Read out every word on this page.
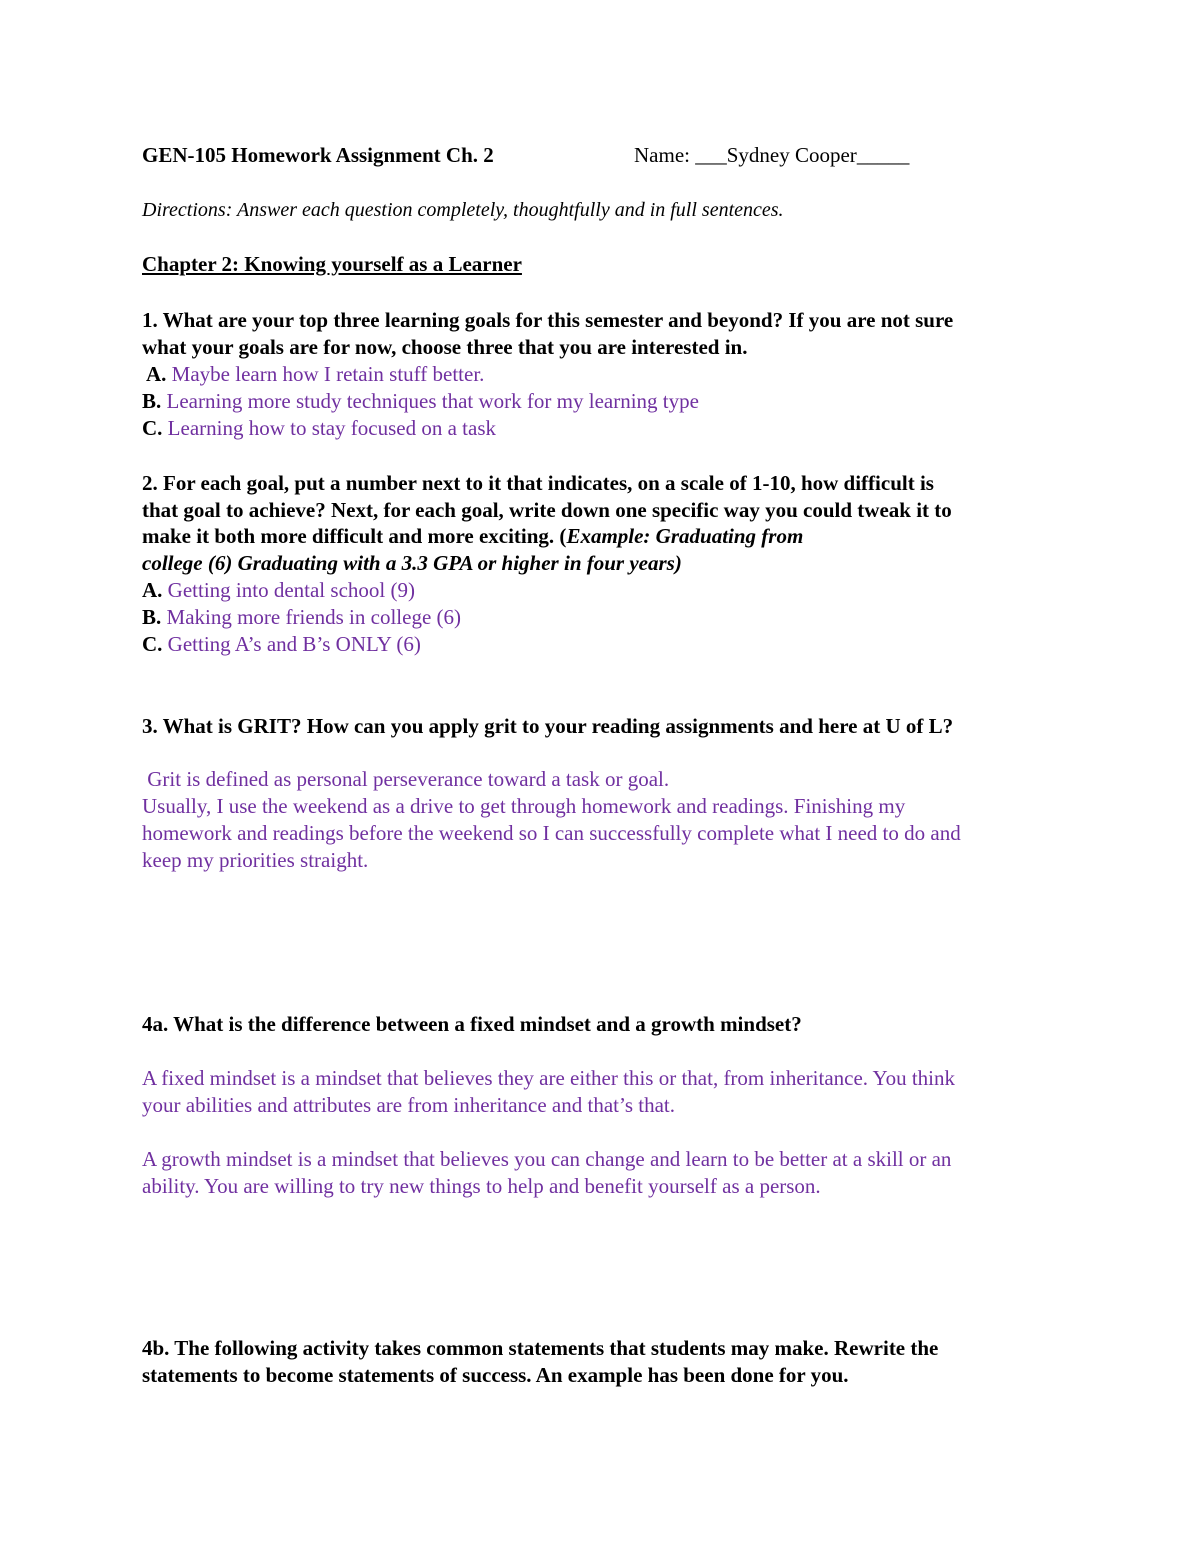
GEN-105 Homework Assignment Ch. 2	Name: ___Sydney Cooper_____
Directions: Answer each question completely, thoughtfully and in full sentences.
Chapter 2: Knowing yourself as a Learner
1. What are your top three learning goals for this semester and beyond? If you are not sure
what your goals are for now, choose three that you are interested in.
A. Maybe learn how I retain stuff better.
B. Learning more study techniques that work for my learning type
C. Learning how to stay focused on a task
2. For each goal, put a number next to it that indicates, on a scale of 1-10, how difficult is
that goal to achieve? Next, for each goal, write down one specific way you could tweak it to
make it both more difficult and more exciting. (Example: Graduating from
college (6) Graduating with a 3.3 GPA or higher in four years)
A. Getting into dental school (9)
B. Making more friends in college (6)
C. Getting A’s and B’s ONLY (6)
3. What is GRIT? How can you apply grit to your reading assignments and here at U of L?
Grit is defined as personal perseverance toward a task or goal.
Usually, I use the weekend as a drive to get through homework and readings. Finishing my
homework and readings before the weekend so I can successfully complete what I need to do and
keep my priorities straight.
4a. What is the difference between a fixed mindset and a growth mindset?
A fixed mindset is a mindset that believes they are either this or that, from inheritance. You think
your abilities and attributes are from inheritance and that’s that.
A growth mindset is a mindset that believes you can change and learn to be better at a skill or an
ability. You are willing to try new things to help and benefit yourself as a person.
4b. The following activity takes common statements that students may make. Rewrite the
statements to become statements of success. An example has been done for you.
